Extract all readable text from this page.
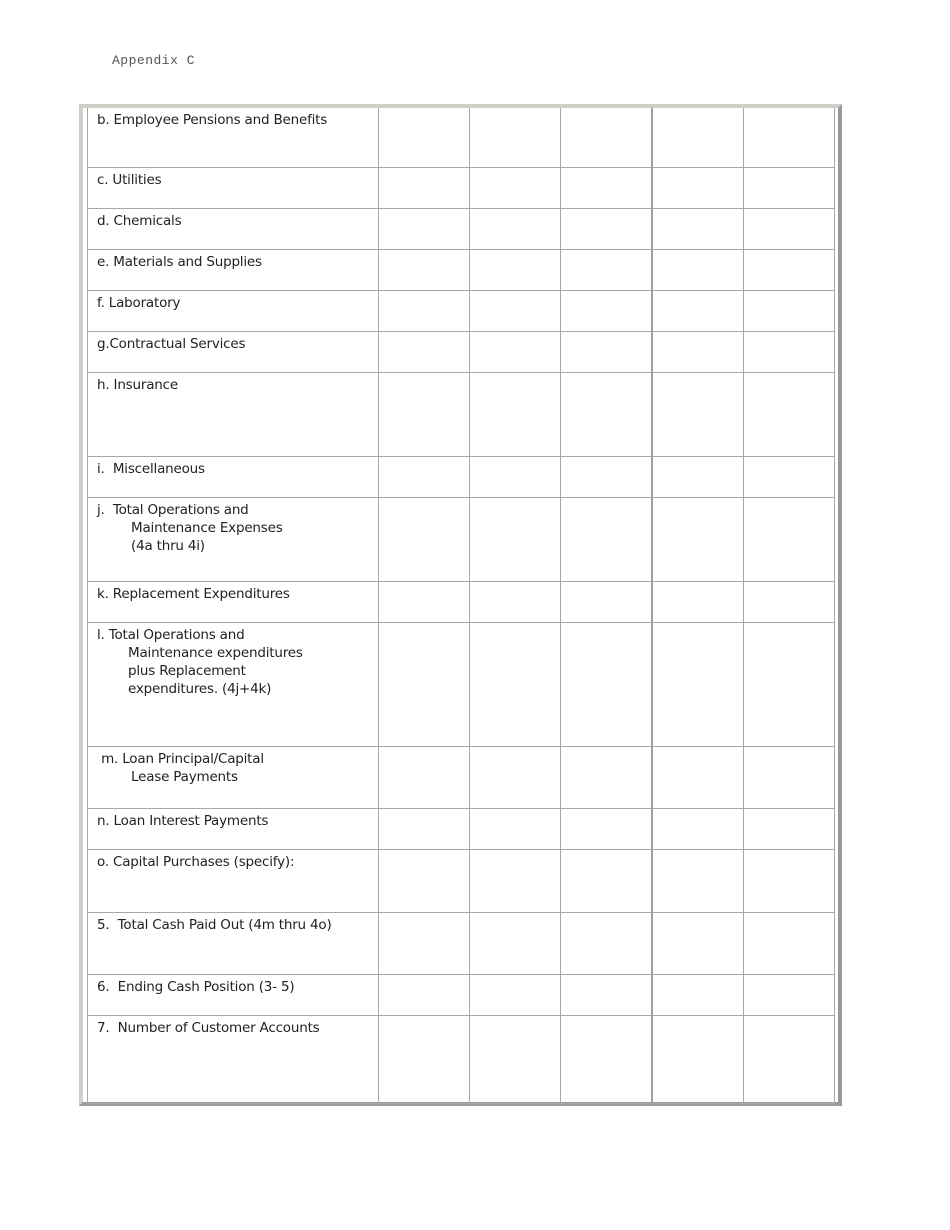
Appendix C
b. Employee Pensions and Benefits					

c. Utilities					

d. Chemicals					

e. Materials and Supplies					

f. Laboratory					

g.Contractual Services					

h. Insurance					

i.  Miscellaneous					

j.  Total Operations and
Maintenance Expenses
(4a thru 4i)					

k. Replacement Expenditures					

l. Total Operations and
Maintenance expenditures
plus Replacement
expenditures. (4j+4k)					

m. Loan Principal/Capital
Lease Payments					

n. Loan Interest Payments					

o. Capital Purchases (specify):					

5.  Total Cash Paid Out (4m thru 4o)					

6.  Ending Cash Position (3- 5)					

7.  Number of Customer Accounts					
